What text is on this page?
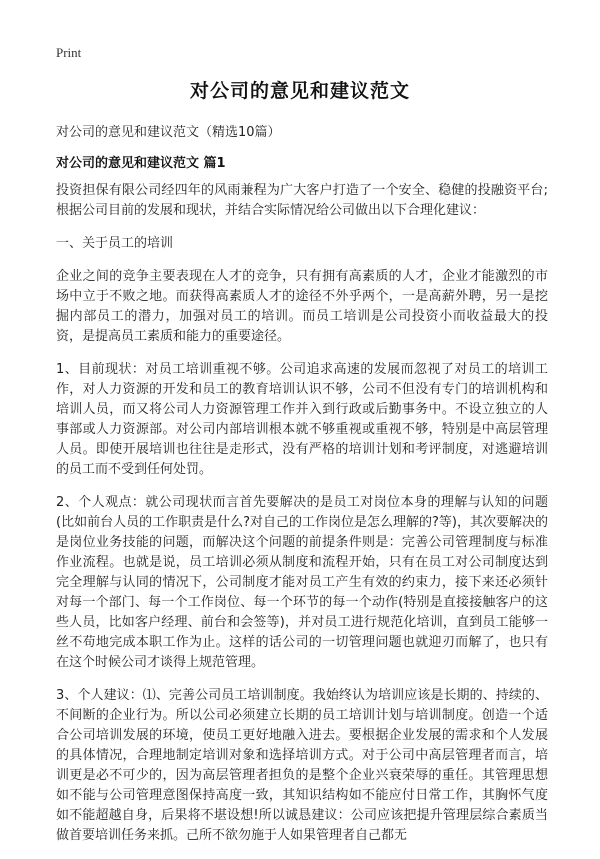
Print
对公司的意见和建议范文
对公司的意见和建议范文（精选10篇）
对公司的意见和建议范文 篇1

投资担保有限公司经四年的风雨兼程为广大客户打造了一个安全、稳健的投融资平台;根据公司目前的发展和现状，并结合实际情况给公司做出以下合理化建议：

一、关于员工的培训

企业之间的竞争主要表现在人才的竞争，只有拥有高素质的人才，企业才能激烈的市场中立于不败之地。而获得高素质人才的途径不外乎两个，一是高薪外聘，另一是挖掘内部员工的潜力，加强对员工的培训。而员工培训是公司投资小而收益最大的投资，是提高员工素质和能力的重要途径。

1、目前现状：对员工培训重视不够。公司追求高速的发展而忽视了对员工的培训工作，对人力资源的开发和员工的教育培训认识不够，公司不但没有专门的培训机构和培训人员，而又将公司人力资源管理工作并入到行政或后勤事务中。不设立独立的人事部或人力资源部。对公司内部培训根本就不够重视或重视不够，特别是中高层管理人员。即使开展培训也往往是走形式，没有严格的培训计划和考评制度，对逃避培训的员工而不受到任何处罚。

2、个人观点：就公司现状而言首先要解决的是员工对岗位本身的理解与认知的问题(比如前台人员的工作职责是什么?对自己的工作岗位是怎么理解的?等)，其次要解决的是岗位业务技能的问题，而解决这个问题的前提条件则是：完善公司管理制度与标准作业流程。也就是说，员工培训必须从制度和流程开始，只有在员工对公司制度达到完全理解与认同的情况下，公司制度才能对员工产生有效的约束力，接下来还必须针对每一个部门、每一个工作岗位、每一个环节的每一个动作(特别是直接接触客户的这些人员，比如客户经理、前台和会签等)，并对员工进行规范化培训，直到员工能够一丝不苟地完成本职工作为止。这样的话公司的一切管理问题也就迎刃而解了，也只有在这个时候公司才谈得上规范管理。

3、个人建议：⑴、完善公司员工培训制度。我始终认为培训应该是长期的、持续的、不间断的企业行为。所以公司必须建立长期的员工培训计划与培训制度。创造一个适合公司培训发展的环境，使员工更好地融入进去。要根据企业发展的需求和个人发展的具体情况，合理地制定培训对象和选择培训方式。对于公司中高层管理者而言，培训更是必不可少的，因为高层管理者担负的是整个企业兴衰荣辱的重任。其管理思想如不能与公司管理意图保持高度一致，其知识结构如不能应付日常工作，其胸怀气度如不能超越自身，后果将不堪设想!所以诚恳建议：公司应该把提升管理层综合素质当做首要培训任务来抓。己所不欲勿施于人如果管理者自己都无
